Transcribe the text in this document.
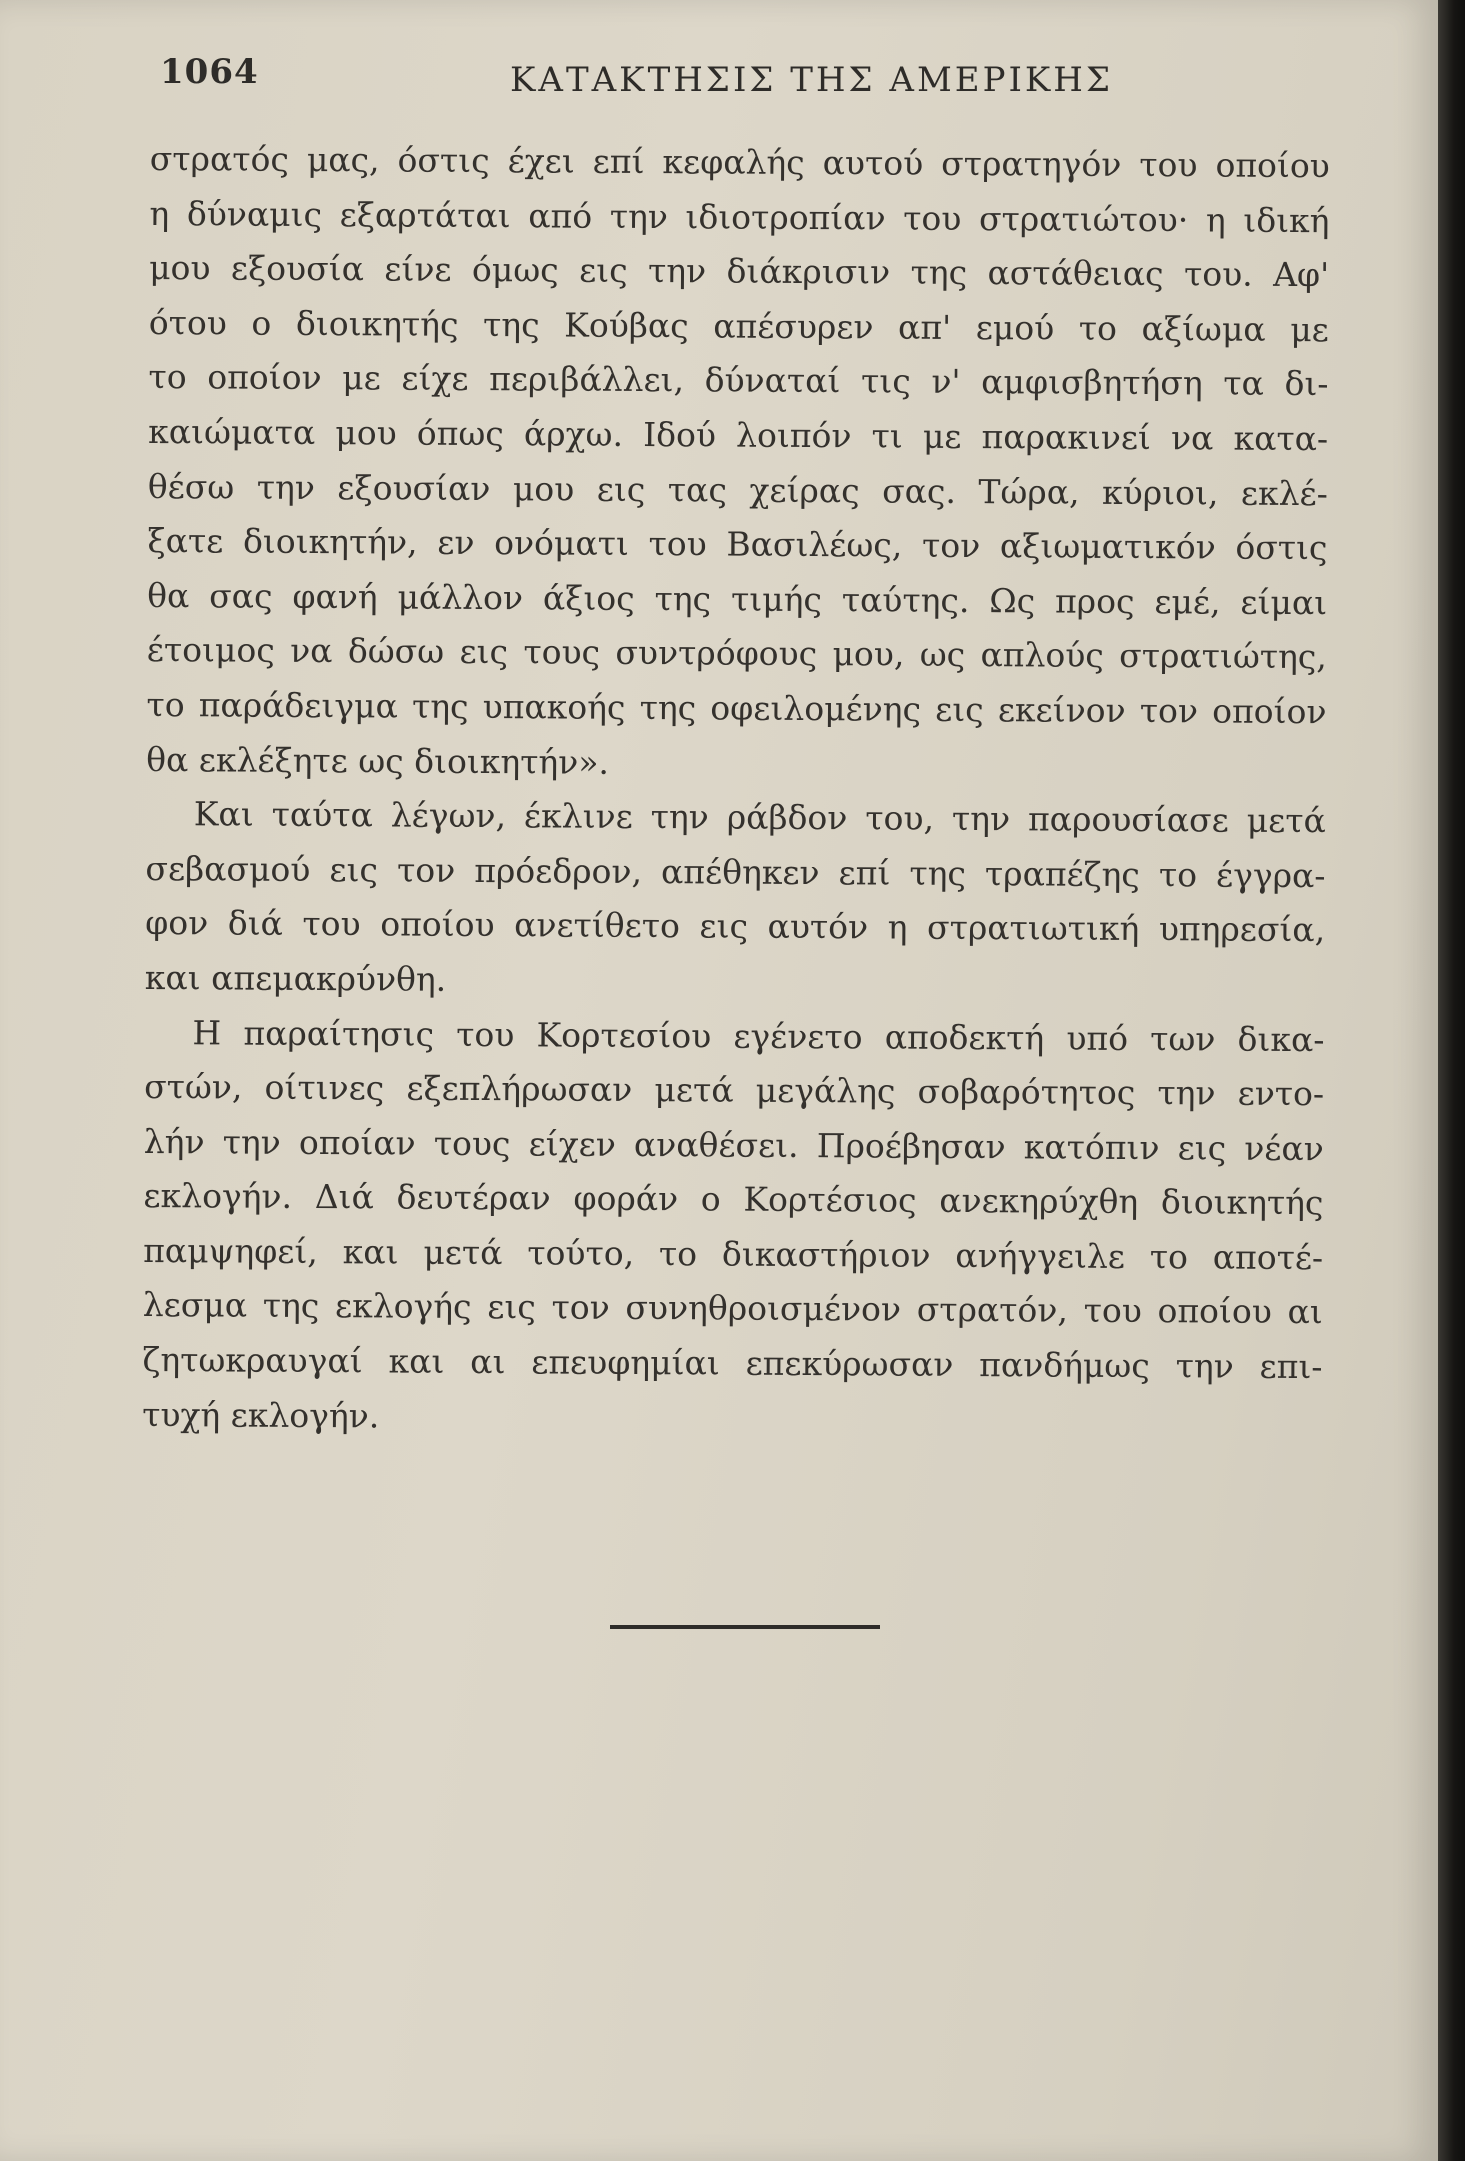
1064	ΚΑΤΑΚΤΗΣΙΣ ΤΗΣ ΑΜΕΡΙΚΗΣ
στρατός μας, όστις έχει επί κεφαλής αυτού στρατηγόν του οποίου
η δύναμις εξαρτάται από την ιδιοτροπίαν του στρατιώτου· η ιδική
μου εξουσία είνε όμως εις την διάκρισιν της αστάθειας του. Αφ'
ότου ο διοικητής της Κούβας απέσυρεν απ' εμού το αξίωμα με
το οποίον με είχε περιβάλλει, δύναταί τις ν' αμφισβητήση τα δι-
καιώματα μου όπως άρχω. Ιδού λοιπόν τι με παρακινεί να κατα-
θέσω την εξουσίαν μου εις τας χείρας σας. Τώρα, κύριοι, εκλέ-
ξατε διοικητήν, εν ονόματι του Βασιλέως, τον αξιωματικόν όστις
θα σας φανή μάλλον άξιος της τιμής ταύτης. Ως προς εμέ, είμαι
έτοιμος να δώσω εις τους συντρόφους μου, ως απλούς στρατιώτης,
το παράδειγμα της υπακοής της οφειλομένης εις εκείνον τον οποίον
θα εκλέξητε ως διοικητήν».
Και ταύτα λέγων, έκλινε την ράβδον του, την παρουσίασε μετά
σεβασμού εις τον πρόεδρον, απέθηκεν επί της τραπέζης το έγγρα-
φον διά του οποίου ανετίθετο εις αυτόν η στρατιωτική υπηρεσία,
και απεμακρύνθη.
Η παραίτησις του Κορτεσίου εγένετο αποδεκτή υπό των δικα-
στών, οίτινες εξεπλήρωσαν μετά μεγάλης σοβαρότητος την εντο-
λήν την οποίαν τους είχεν αναθέσει. Προέβησαν κατόπιν εις νέαν
εκλογήν. Διά δευτέραν φοράν ο Κορτέσιος ανεκηρύχθη διοικητής
παμψηφεί, και μετά τούτο, το δικαστήριον ανήγγειλε το αποτέ-
λεσμα της εκλογής εις τον συνηθροισμένον στρατόν, του οποίου αι
ζητωκραυγαί και αι επευφημίαι επεκύρωσαν πανδήμως την επι-
τυχή εκλογήν.
